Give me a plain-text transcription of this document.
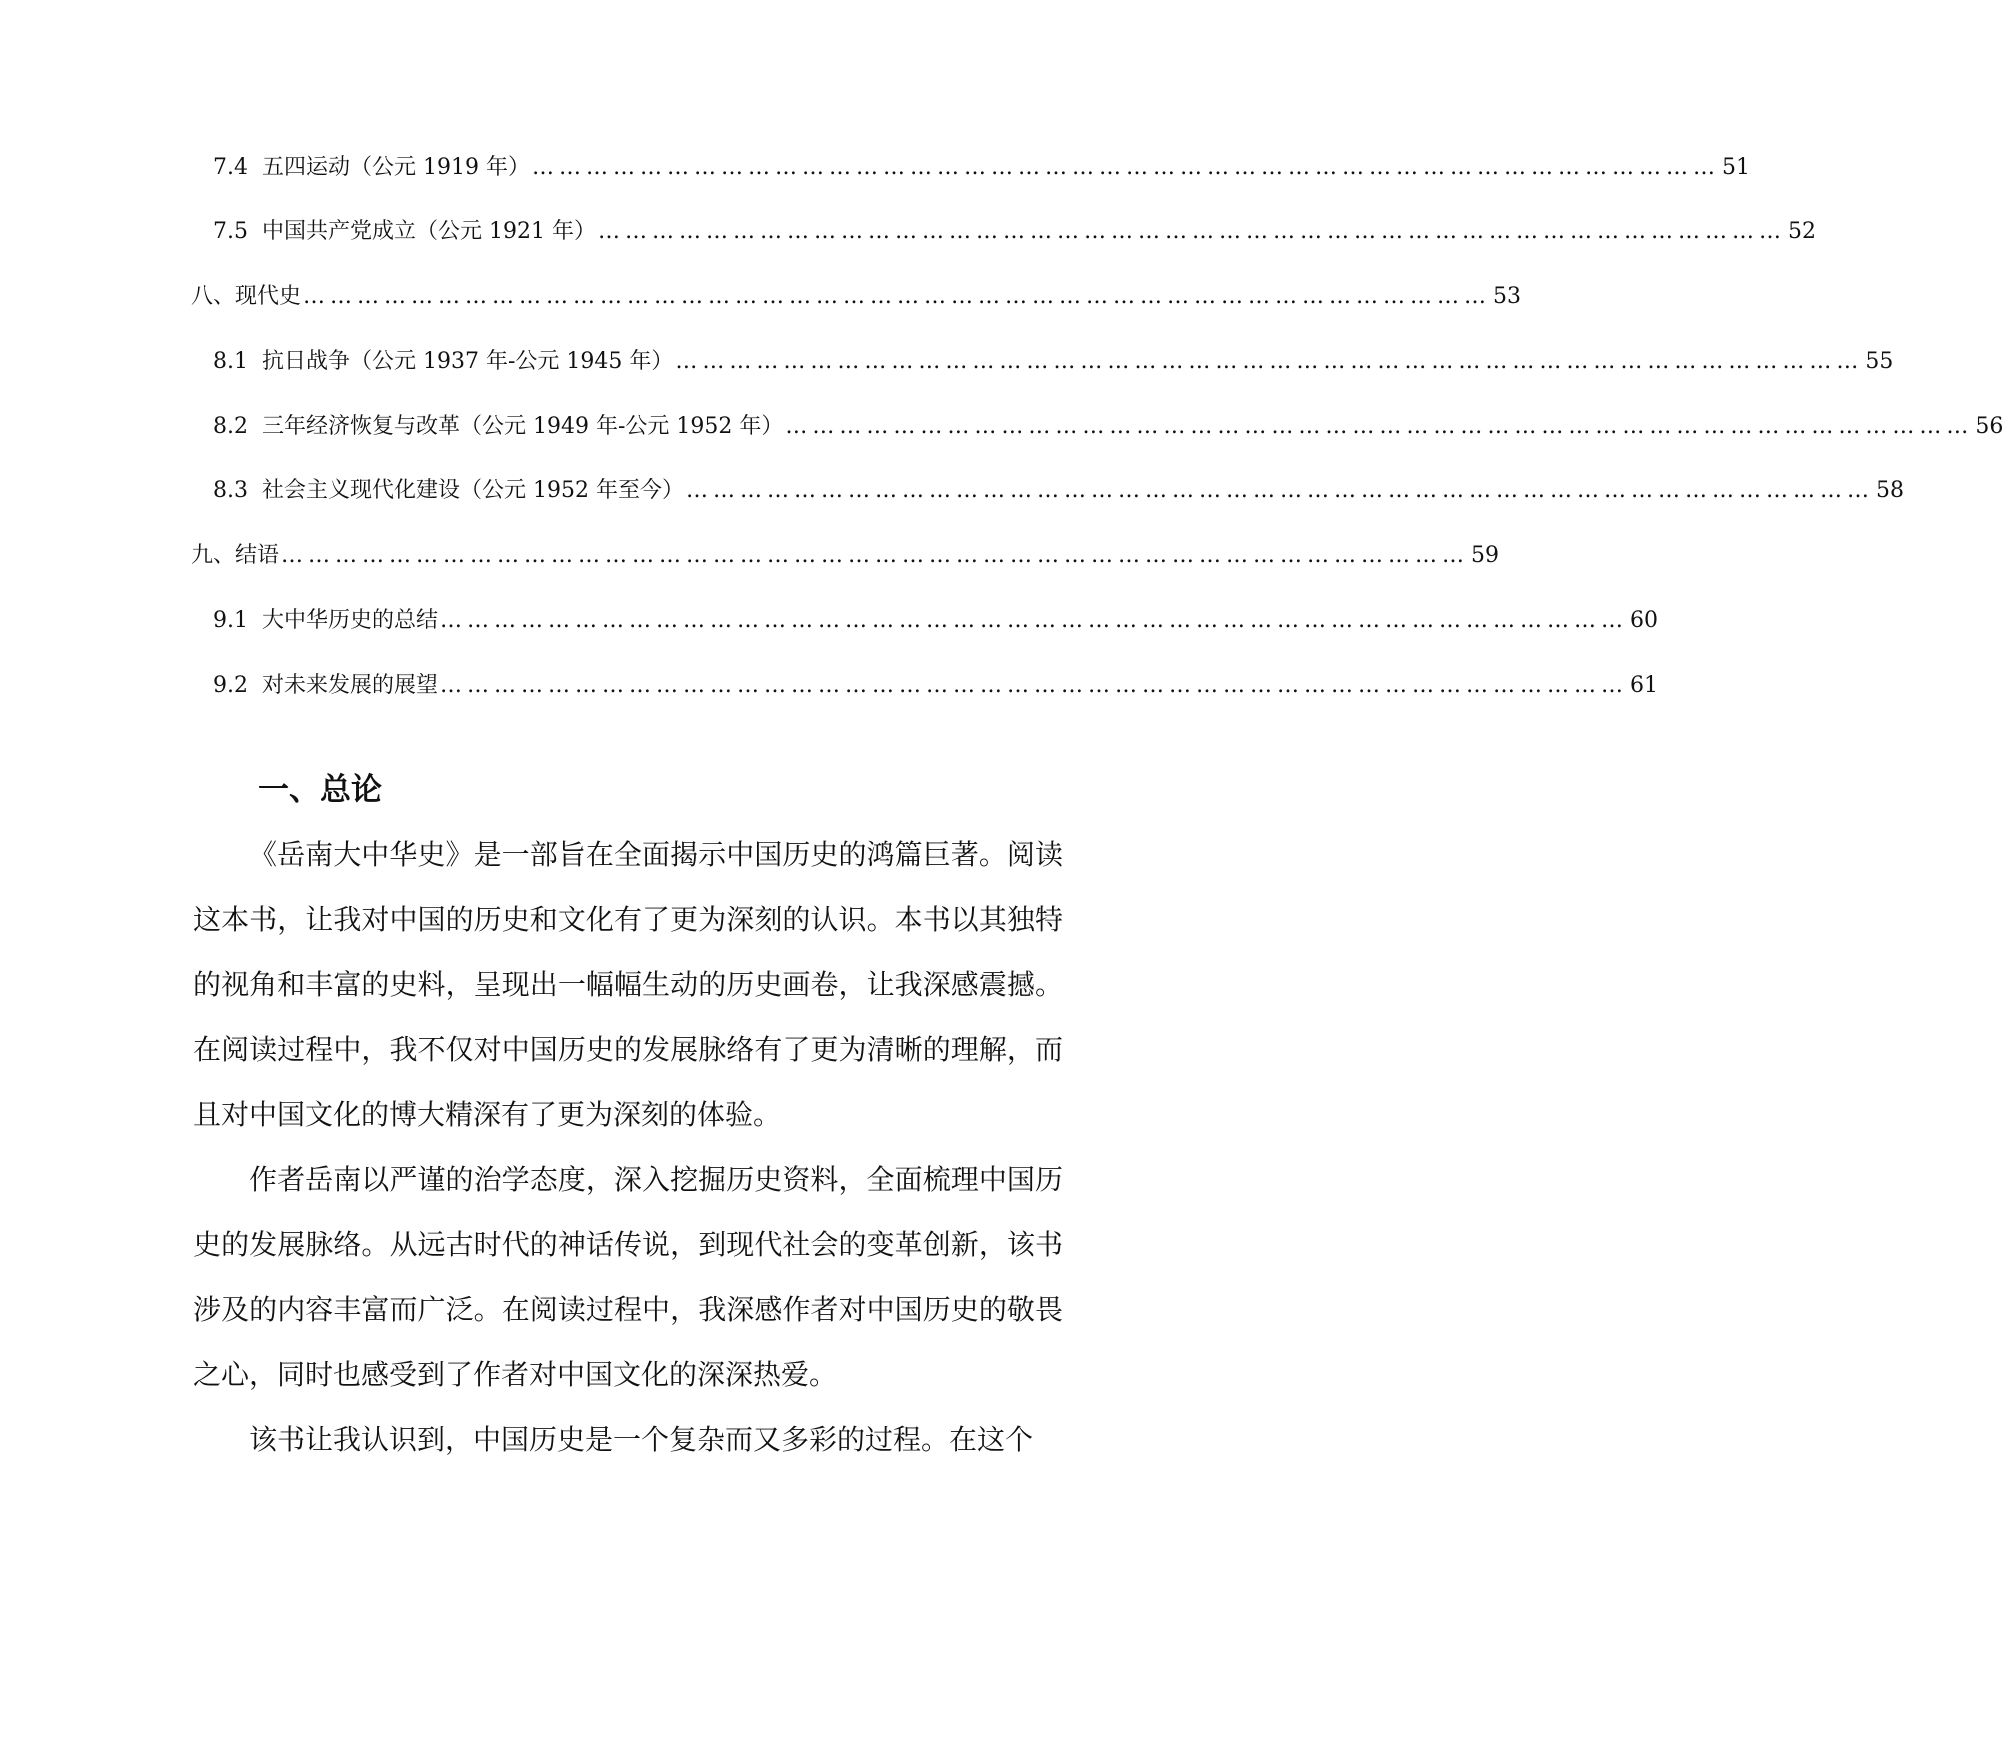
7.4 五四运动（公元 1919 年） …………………………………………………………………………………………………………………… 51
7.5 中国共产党成立（公元 1921 年） …………………………………………………………………………………………………………………… 52
八、现代史 …………………………………………………………………………………………………………………… 53
8.1 抗日战争（公元 1937 年-公元 1945 年） …………………………………………………………………………………………………………………… 55
8.2 三年经济恢复与改革（公元 1949 年-公元 1952 年） …………………………………………………………………………………………………………………… 56
8.3 社会主义现代化建设（公元 1952 年至今） …………………………………………………………………………………………………………………… 58
九、结语 …………………………………………………………………………………………………………………… 59
9.1 大中华历史的总结 …………………………………………………………………………………………………………………… 60
9.2 对未来发展的展望 …………………………………………………………………………………………………………………… 61
一、总论

《岳南大中华史》是一部旨在全面揭示中国历史的鸿篇巨著。阅读这本书，让我对中国的历史和文化有了更为深刻的认识。本书以其独特的视角和丰富的史料，呈现出一幅幅生动的历史画卷，让我深感震撼。在阅读过程中，我不仅对中国历史的发展脉络有了更为清晰的理解，而且对中国文化的博大精深有了更为深刻的体验。

作者岳南以严谨的治学态度，深入挖掘历史资料，全面梳理中国历史的发展脉络。从远古时代的神话传说，到现代社会的变革创新，该书涉及的内容丰富而广泛。在阅读过程中，我深感作者对中国历史的敬畏之心，同时也感受到了作者对中国文化的深深热爱。

该书让我认识到，中国历史是一个复杂而又多彩的过程。在这个
